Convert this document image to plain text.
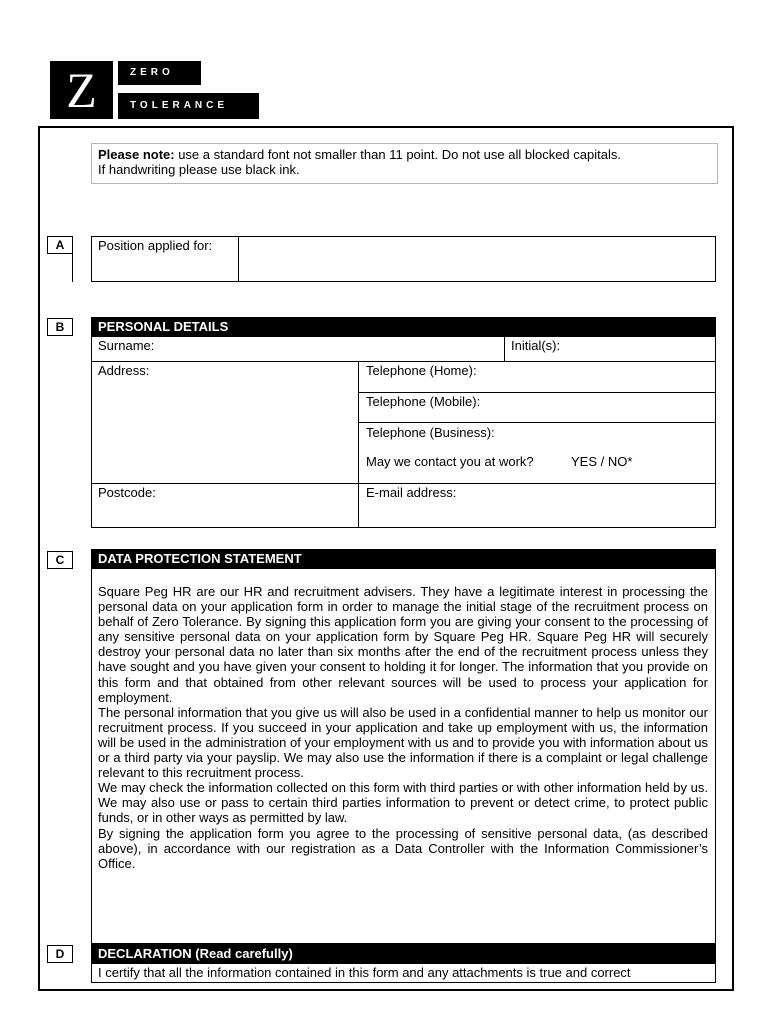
Z	ZERO
TOLERANCE
Please note: use a standard font not smaller than 11 point. Do not use all blocked capitals.
If handwriting please use black ink.
A	Position applied for:
B	PERSONAL DETAILS
Surname:	Initial(s):
Address:	Telephone (Home):
Telephone (Mobile):
Telephone (Business):
May we contact you at work?	YES / NO*
Postcode:	E-mail address:
C	DATA PROTECTION STATEMENT

Square Peg HR are our HR and recruitment advisers. They have a legitimate interest in processing the personal data on your application form in order to manage the initial stage of the recruitment process on behalf of Zero Tolerance. By signing this application form you are giving your consent to the processing of any sensitive personal data on your application form by Square Peg HR. Square Peg HR will securely destroy your personal data no later than six months after the end of the recruitment process unless they have sought and you have given your consent to holding it for longer. The information that you provide on this form and that obtained from other relevant sources will be used to process your application for employment.

The personal information that you give us will also be used in a confidential manner to help us monitor our recruitment process. If you succeed in your application and take up employment with us, the information will be used in the administration of your employment with us and to provide you with information about us or a third party via your payslip. We may also use the information if there is a complaint or legal challenge relevant to this recruitment process.

We may check the information collected on this form with third parties or with other information held by us. We may also use or pass to certain third parties information to prevent or detect crime, to protect public funds, or in other ways as permitted by law.

By signing the application form you agree to the processing of sensitive personal data, (as described above), in accordance with our registration as a Data Controller with the Information Commissioner’s Office.

D	DECLARATION (Read carefully)
I certify that all the information contained in this form and any attachments is true and correct
